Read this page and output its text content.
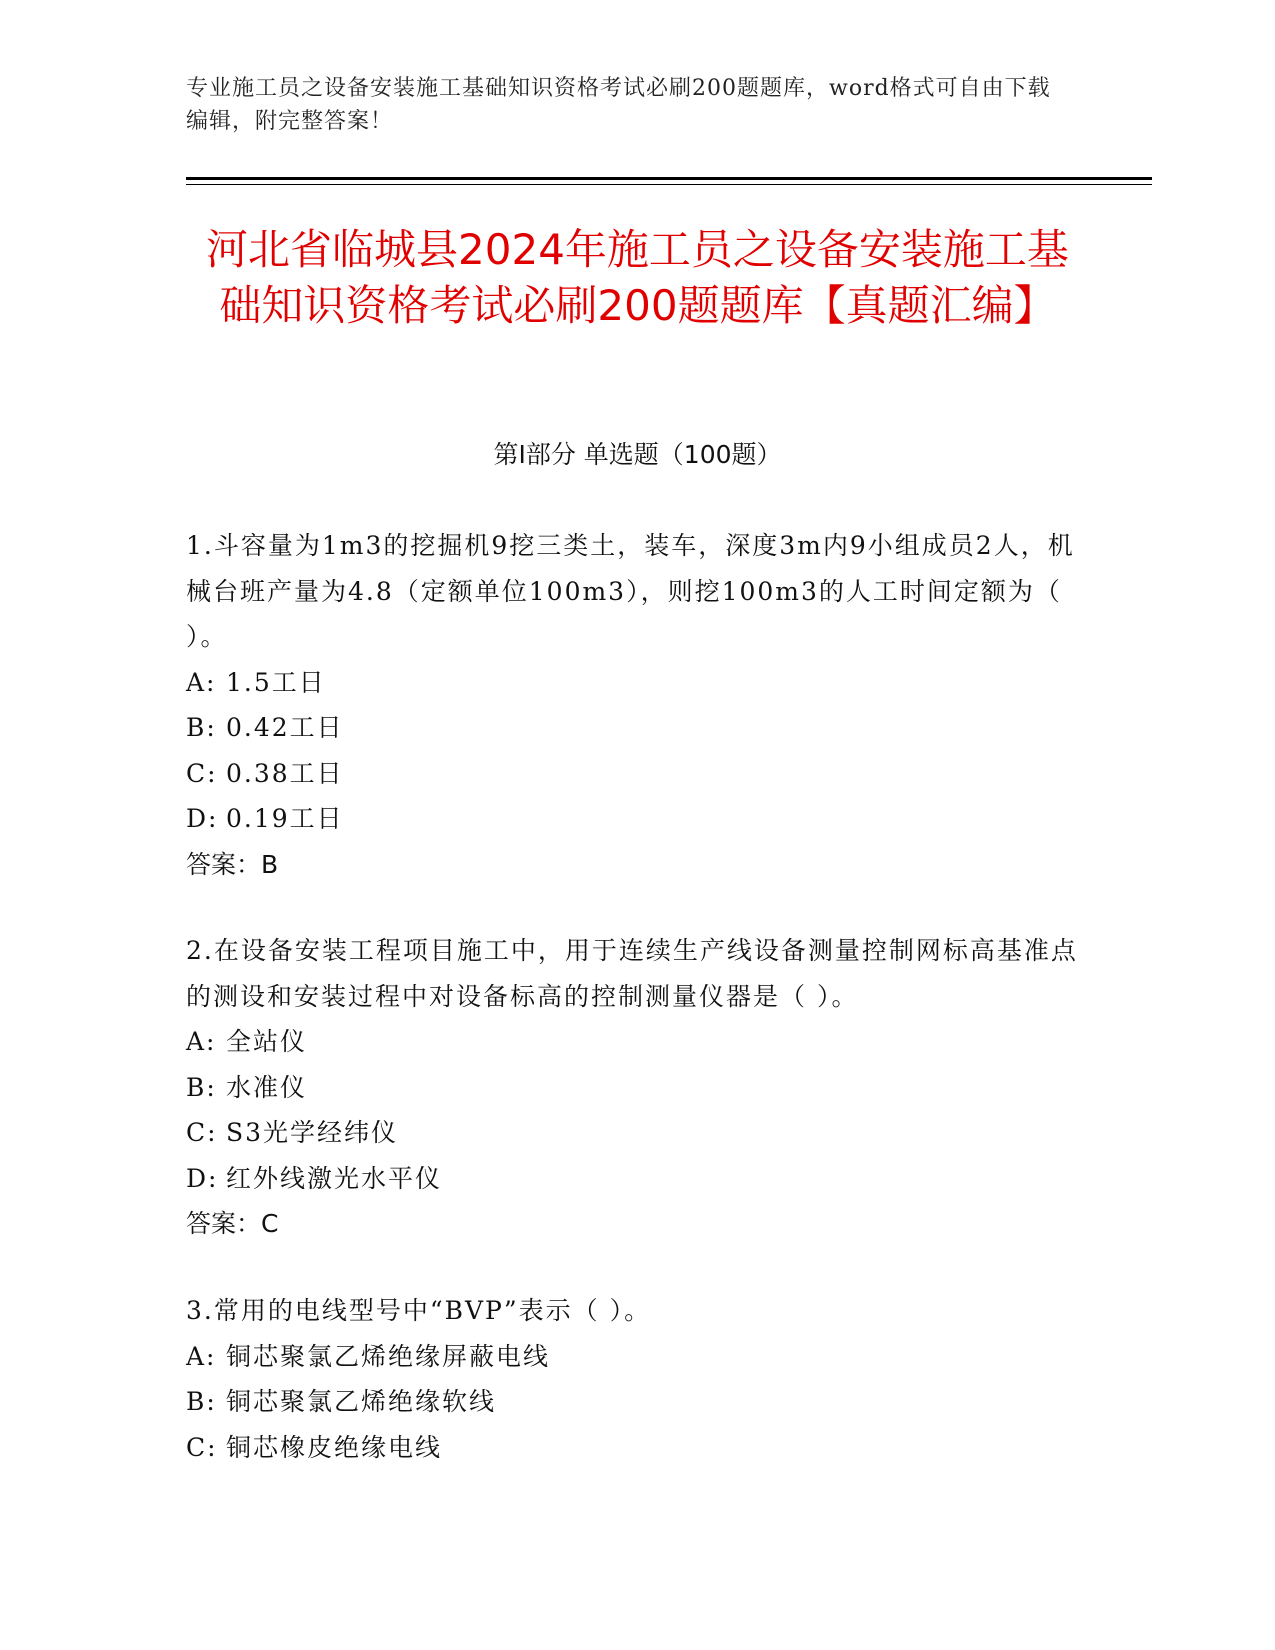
专业施工员之设备安装施工基础知识资格考试必刷200题题库，word格式可自由下载编辑，附完整答案！
河北省临城县2024年施工员之设备安装施工基础知识资格考试必刷200题题库【真题汇编】
第I部分 单选题（100题）

1.斗容量为1m3的挖掘机9挖三类土，装车，深度3m内9小组成员2人，机械台班产量为4.8（定额单位100m3），则挖100m3的人工时间定额为（ ）。

A: 1.5工日

B: 0.42工日

C: 0.38工日

D: 0.19工日

答案：B

2.在设备安装工程项目施工中，用于连续生产线设备测量控制网标高基准点的测设和安装过程中对设备标高的控制测量仪器是（ ）。

A: 全站仪

B: 水准仪

C: S3光学经纬仪

D: 红外线激光水平仪

答案：C

3.常用的电线型号中“BVP”表示（ ）。

A: 铜芯聚氯乙烯绝缘屏蔽电线

B: 铜芯聚氯乙烯绝缘软线

C: 铜芯橡皮绝缘电线
